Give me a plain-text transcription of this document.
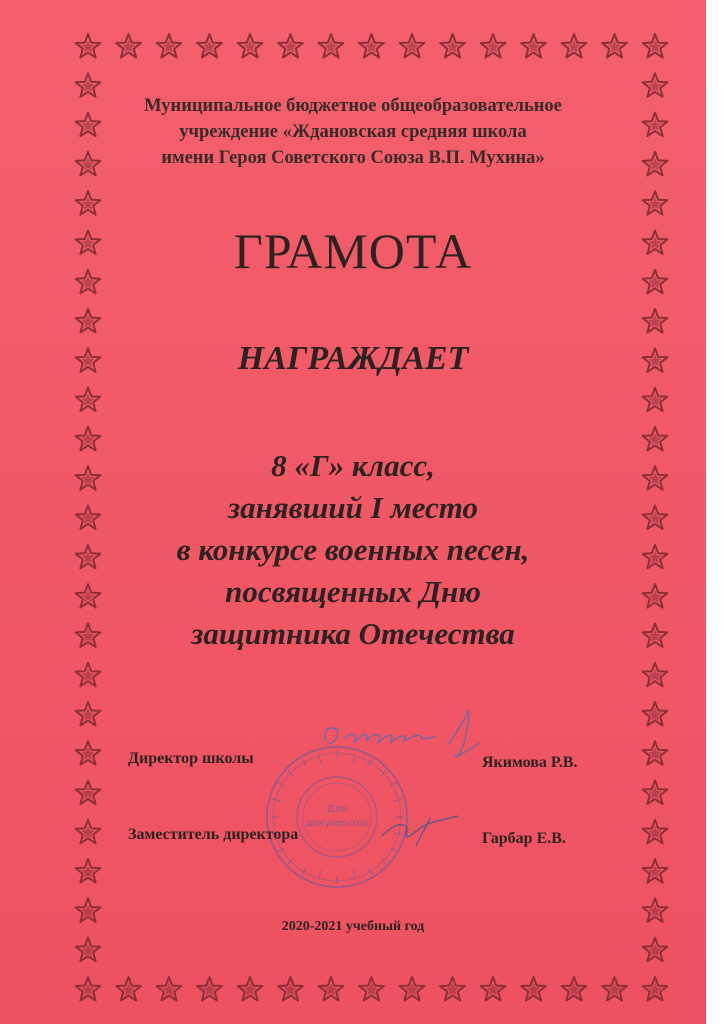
Муниципальное бюджетное общеобразовательное
учреждение «Ждановская средняя школа
имени Героя Советского Союза В.П. Мухина»
ГРАМОТА
НАГРАЖДАЕТ
8 «Г» класс,
занявший I место
в конкурсе военных песен,
посвященных Дню
защитника Отечества
Для
документов
Директор школы	Якимова Р.В.
Заместитель директора	Гарбар Е.В.
2020-2021 учебный год
